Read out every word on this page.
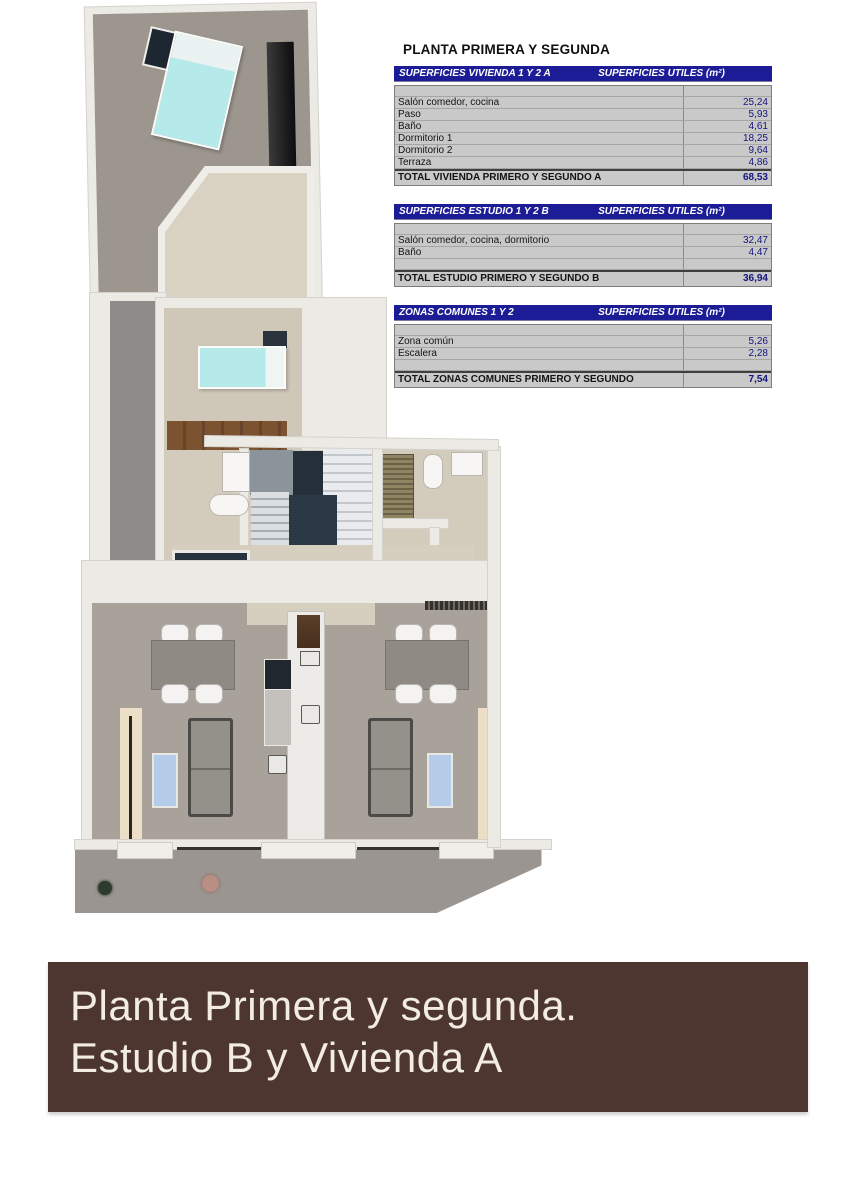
PLANTA PRIMERA Y SEGUNDA
SUPERFICIES VIVIENDA 1 Y 2 A	SUPERFICIES UTILES (m²)
Salón comedor, cocina	25,24
Paso	5,93
Baño	4,61
Dormitorio 1	18,25
Dormitorio 2	9,64
Terraza	4,86
TOTAL VIVIENDA PRIMERO Y SEGUNDO A	68,53
SUPERFICIES ESTUDIO 1 Y 2 B	SUPERFICIES UTILES (m²)
Salón comedor, cocina, dormitorio	32,47
Baño	4,47
TOTAL ESTUDIO PRIMERO Y SEGUNDO B	36,94
ZONAS COMUNES 1 Y 2	SUPERFICIES UTILES (m²)
Zona común	5,26
Escalera	2,28
TOTAL ZONAS COMUNES PRIMERO Y SEGUNDO	7,54
Planta Primera y segunda.
Estudio B y Vivienda A
